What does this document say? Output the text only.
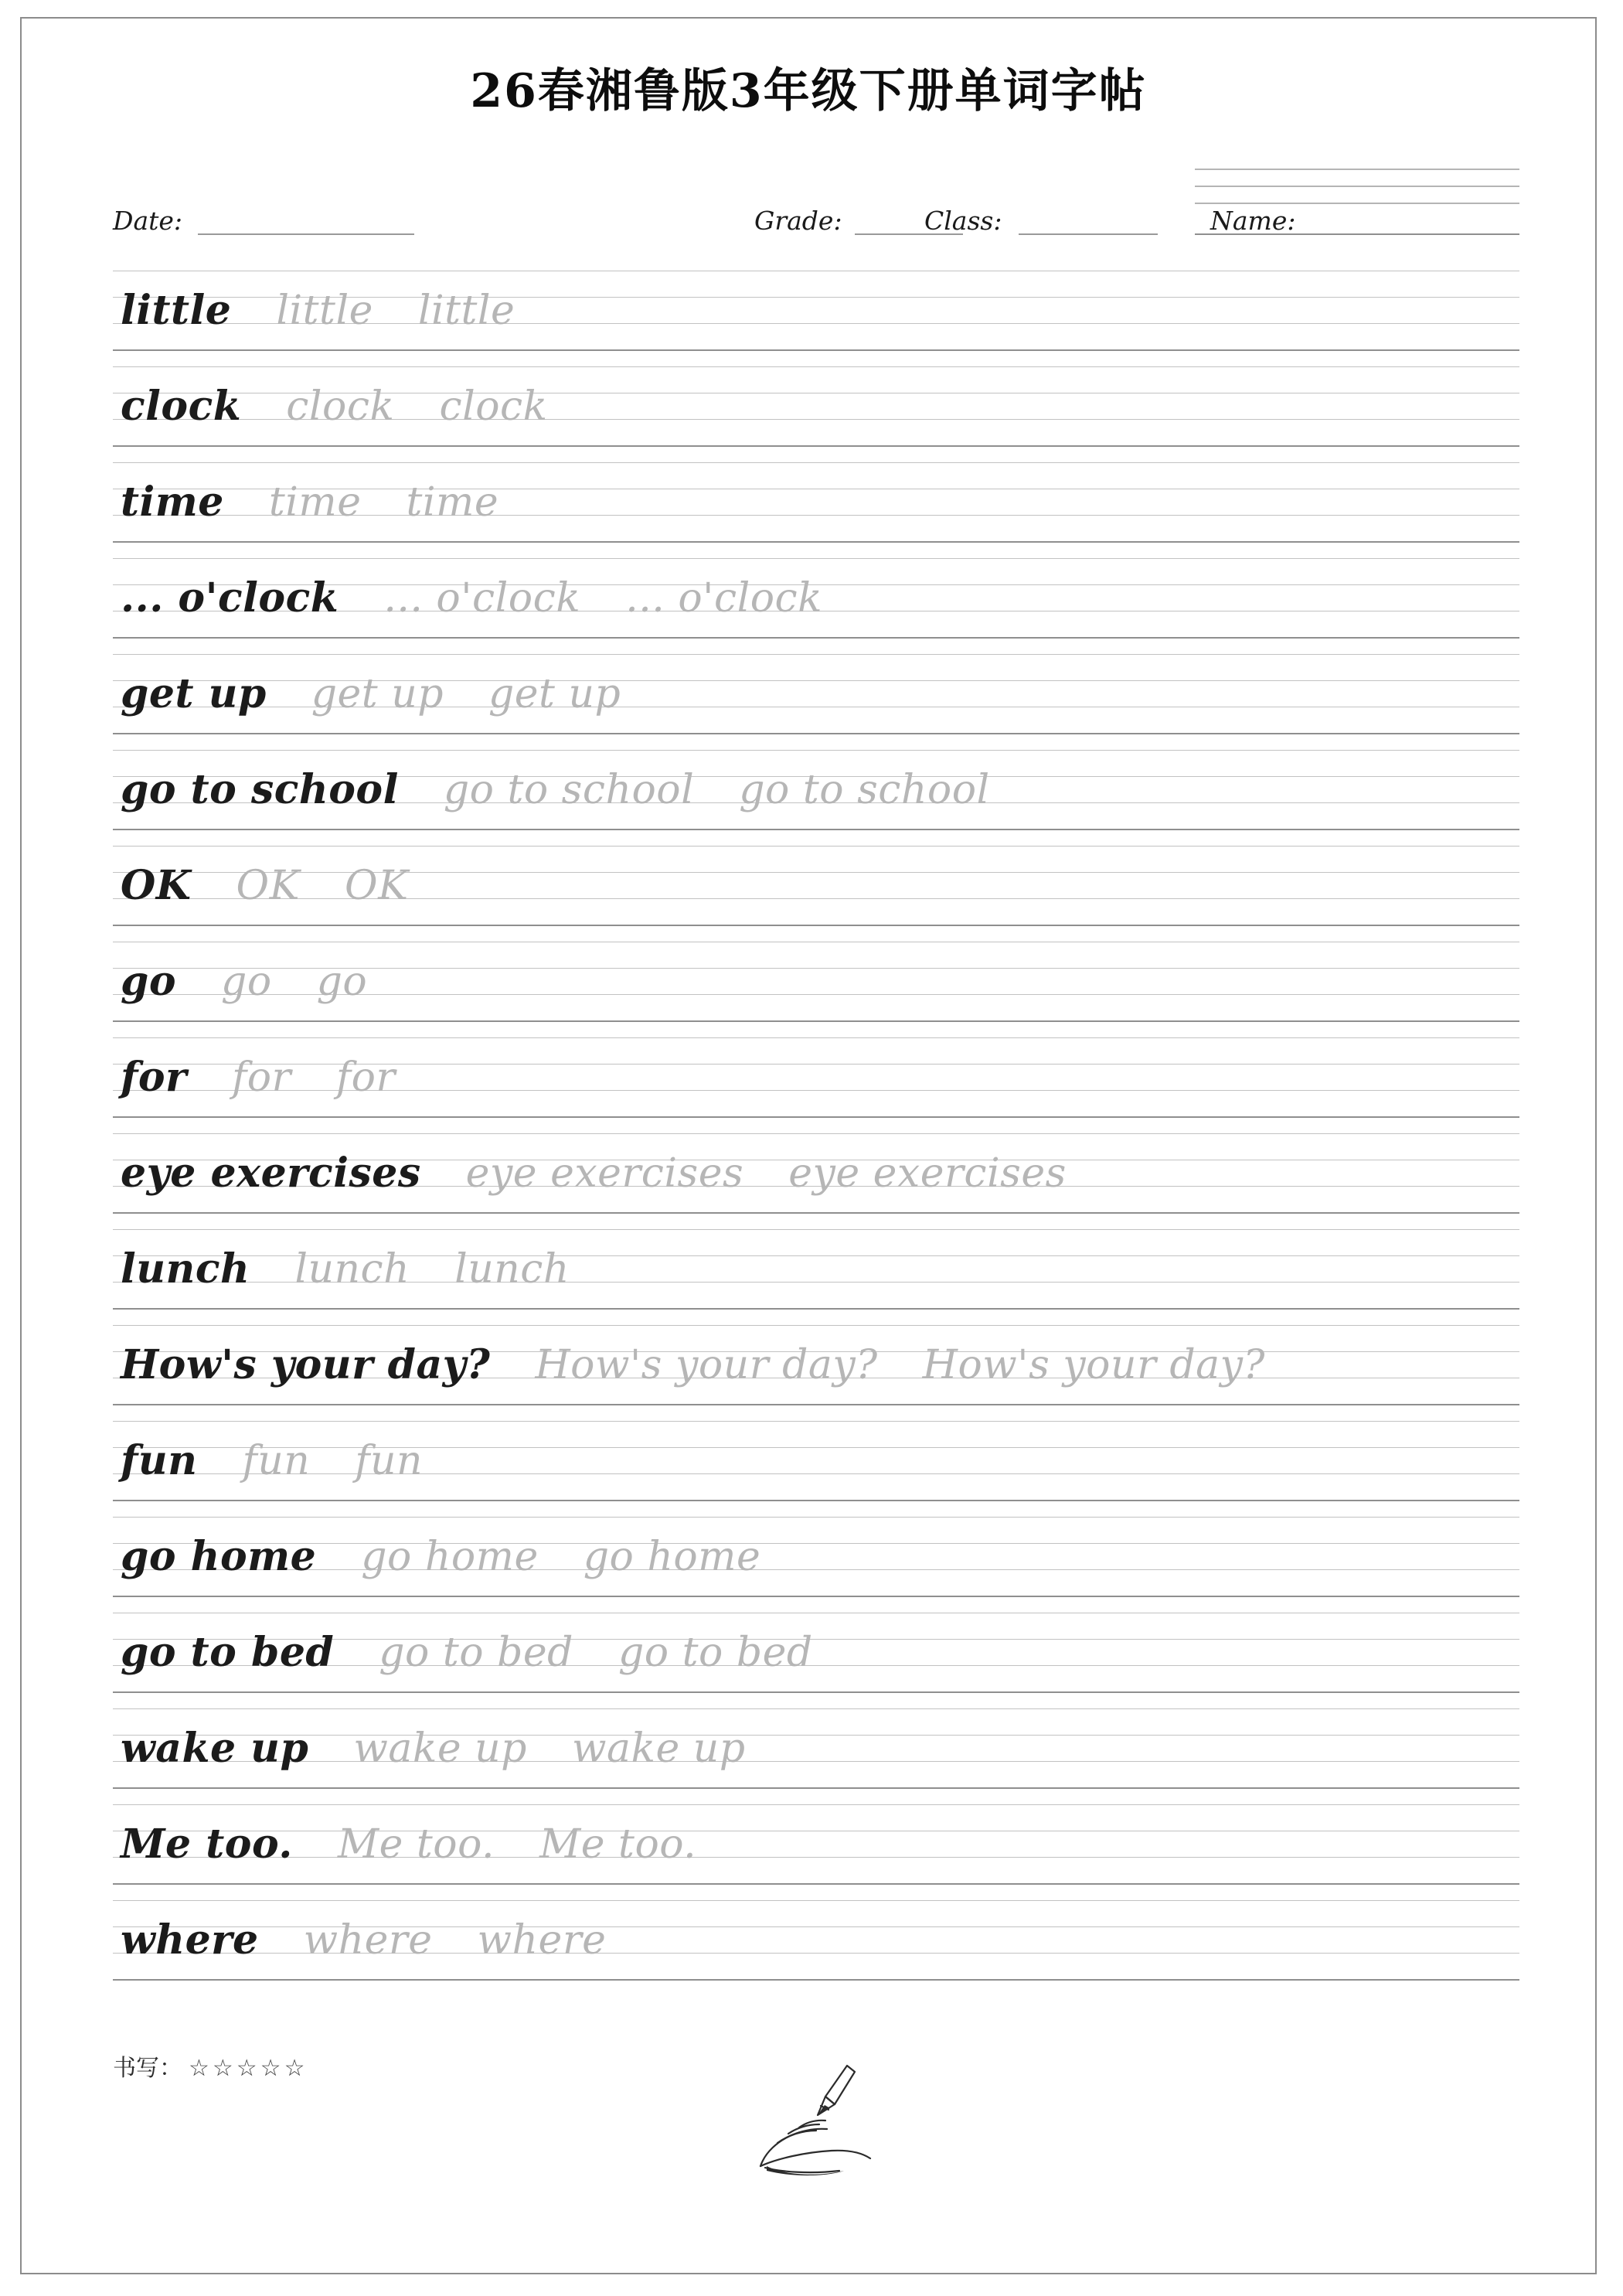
26春湘鲁版3年级下册单词字帖
Date:	Grade:	Class:	Name:
little little little
clock clock clock
time time time
... o'clock ... o'clock ... o'clock
get up get up get up
go to school go to school go to school
OK OK OK
go go go
for for for
eye exercises eye exercises eye exercises
lunch lunch lunch
How's your day? How's your day? How's your day?
fun fun fun
go home go home go home
go to bed go to bed go to bed
wake up wake up wake up
Me too. Me too. Me too.
where where where
书写： ☆☆☆☆☆
